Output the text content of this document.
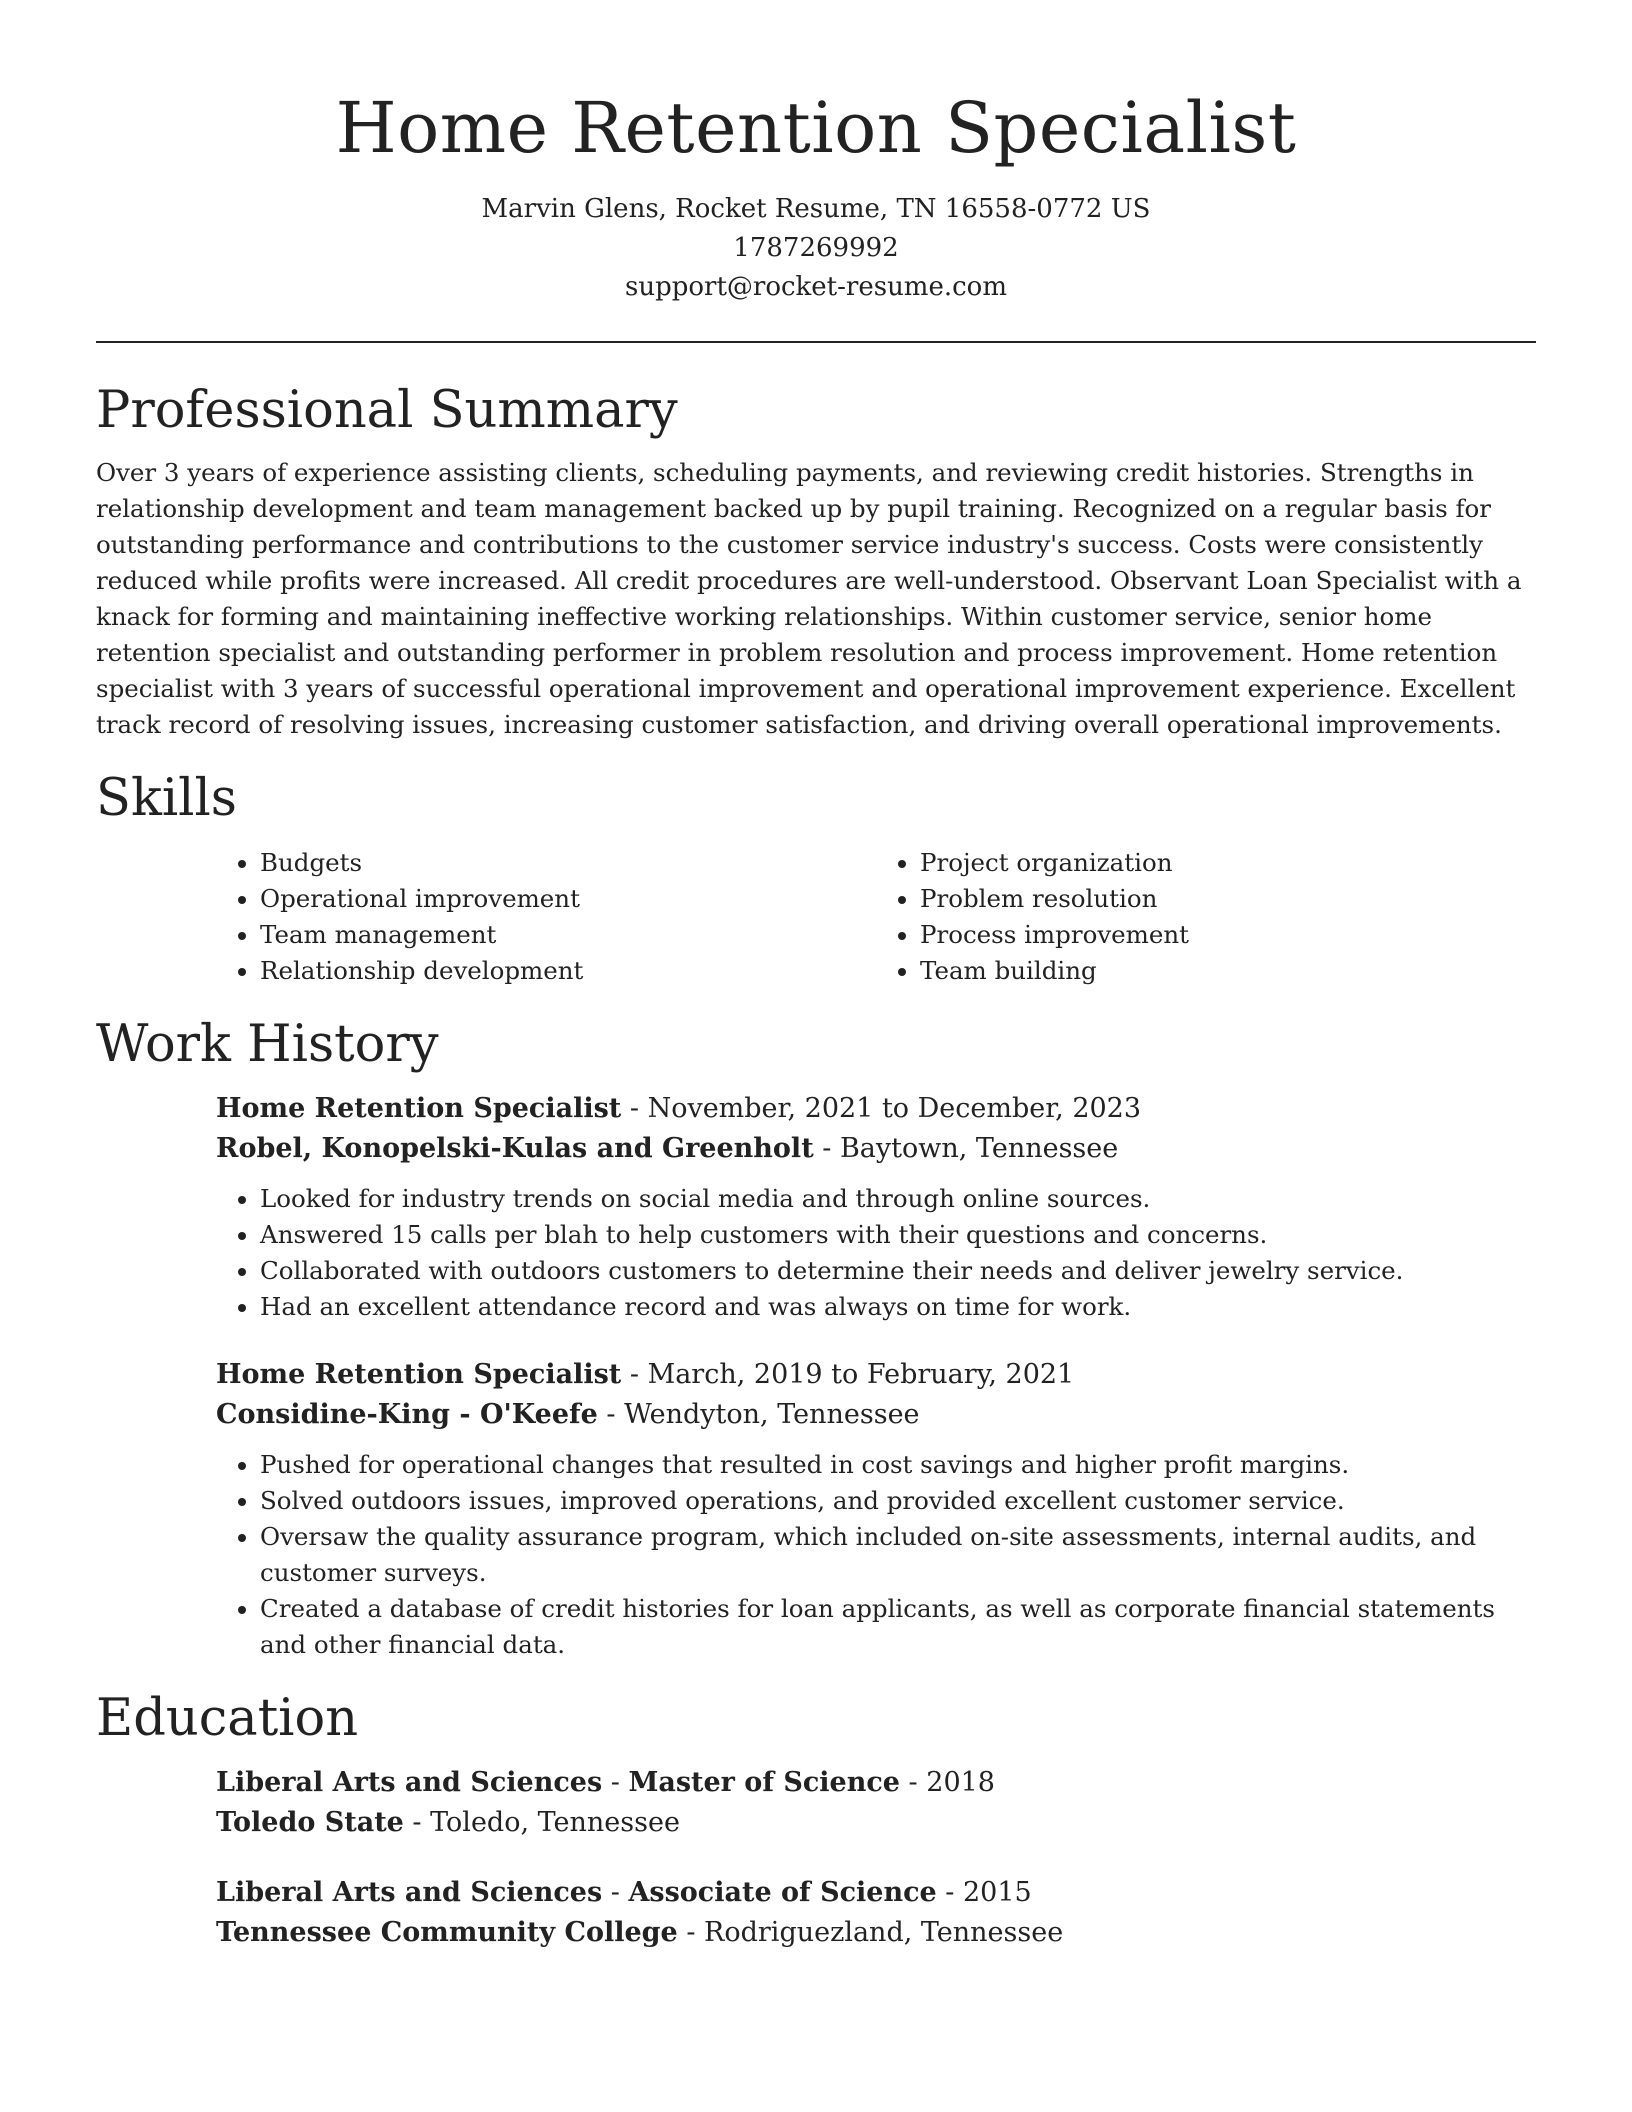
Home Retention Specialist

Marvin Glens, Rocket Resume, TN 16558-0772 US

1787269992

support@rocket-resume.com

Professional Summary

Over 3 years of experience assisting clients, scheduling payments, and reviewing credit histories. Strengths in relationship development and team management backed up by pupil training. Recognized on a regular basis for outstanding performance and contributions to the customer service industry's success. Costs were consistently reduced while profits were increased. All credit procedures are well-understood. Observant Loan Specialist with a knack for forming and maintaining ineffective working relationships. Within customer service, senior home retention specialist and outstanding performer in problem resolution and process improvement. Home retention specialist with 3 years of successful operational improvement and operational improvement experience. Excellent track record of resolving issues, increasing customer satisfaction, and driving overall operational improvements.

Skills
• Budgets
• Operational improvement
• Team management
• Relationship development
• Project organization
• Problem resolution
• Process improvement
• Team building
Work History

Home Retention Specialist - November, 2021 to December, 2023

Robel, Konopelski-Kulas and Greenholt - Baytown, Tennessee

• Looked for industry trends on social media and through online sources.
• Answered 15 calls per blah to help customers with their questions and concerns.
• Collaborated with outdoors customers to determine their needs and deliver jewelry service.
• Had an excellent attendance record and was always on time for work.

Home Retention Specialist - March, 2019 to February, 2021

Considine-King - O'Keefe - Wendyton, Tennessee

• Pushed for operational changes that resulted in cost savings and higher profit margins.
• Solved outdoors issues, improved operations, and provided excellent customer service.
• Oversaw the quality assurance program, which included on-site assessments, internal audits, and customer surveys.
• Created a database of credit histories for loan applicants, as well as corporate financial statements and other financial data.
Education

Liberal Arts and Sciences - Master of Science - 2018

Toledo State - Toledo, Tennessee

Liberal Arts and Sciences - Associate of Science - 2015

Tennessee Community College - Rodriguezland, Tennessee
